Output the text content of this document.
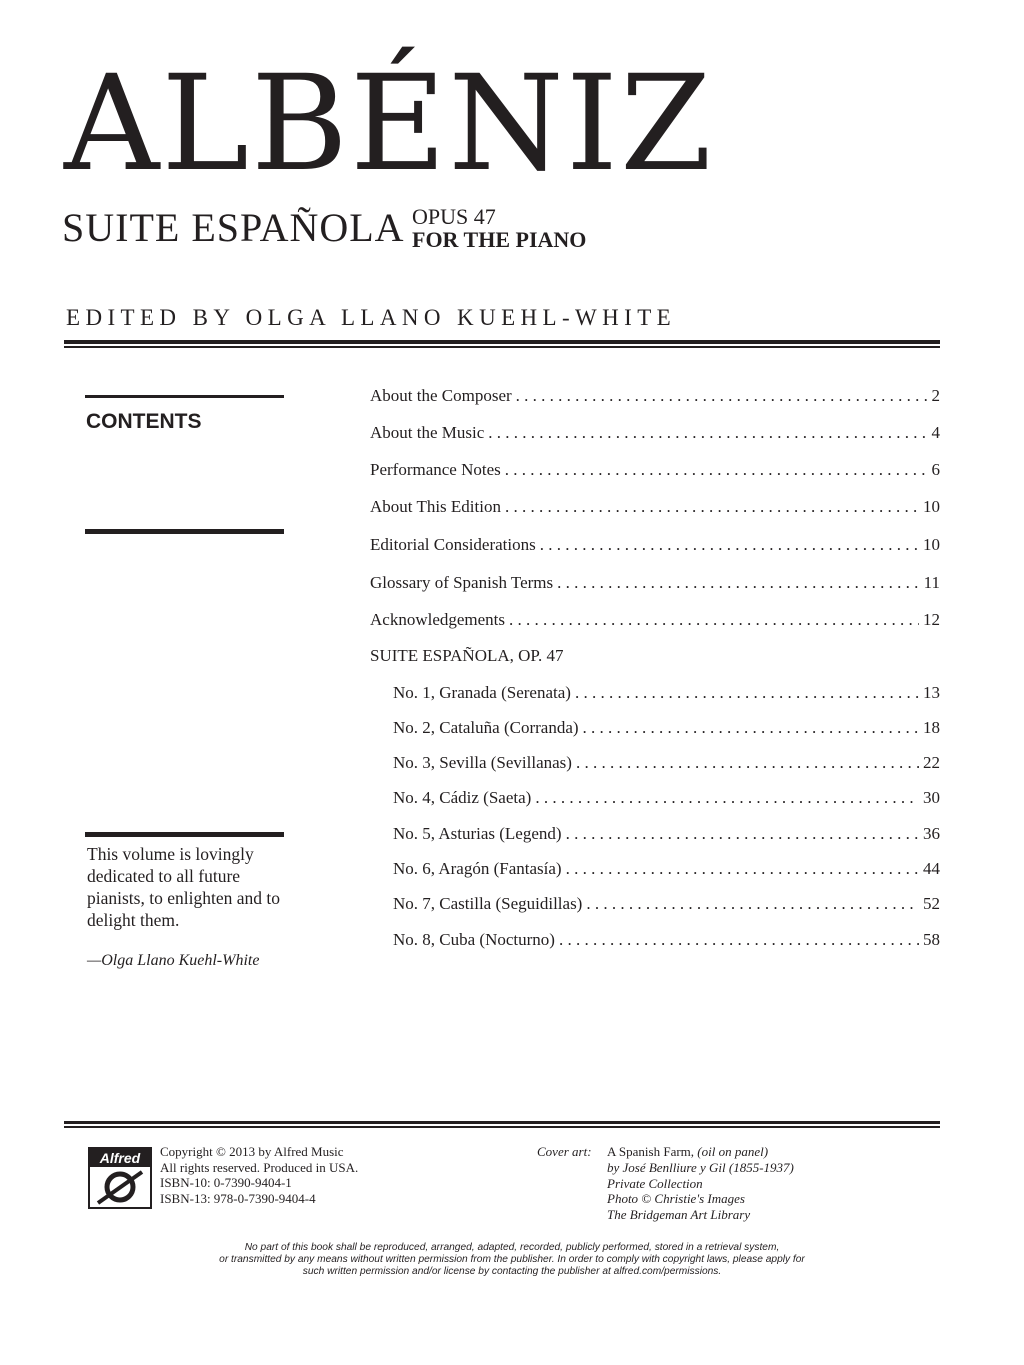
ALBÉNIZ
SUITE ESPAÑOLA OPUS 47
FOR THE PIANO
EDITED BY OLGA LLANO KUEHL-WHITE
CONTENTS
This volume is lovingly dedicated to all future pianists, to enlighten and to delight them.
—Olga Llano Kuehl-White
About the Composer . . .	2
About the Music . . .	4
Performance Notes . . .	6
About This Edition . . .	10
Editorial Considerations . . .	10
Glossary of Spanish Terms . . .	11
Acknowledgements . . .	12
SUITE ESPAÑOLA, OP. 47
No. 1, Granada (Serenata) . . .	13
No. 2, Cataluña (Corranda) . . .	18
No. 3, Sevilla (Sevillanas) . . .	22
No. 4, Cádiz (Saeta) . . .	30
No. 5, Asturias (Legend) . . .	36
No. 6, Aragón (Fantasía) . . .	44
No. 7, Castilla (Seguidillas) . . .	52
No. 8, Cuba (Nocturno) . . .	58
Alfred	Copyright © 2013 by Alfred Music
All rights reserved. Produced in USA.
ISBN-10: 0-7390-9404-1
ISBN-13: 978-0-7390-9404-4
Cover art: A Spanish Farm, (oil on panel)
by José Benlliure y Gil (1855-1937)
Private Collection
Photo © Christie's Images
The Bridgeman Art Library
No part of this book shall be reproduced, arranged, adapted, recorded, publicly performed, stored in a retrieval system,
or transmitted by any means without written permission from the publisher. In order to comply with copyright laws, please apply for
such written permission and/or license by contacting the publisher at alfred.com/permissions.
